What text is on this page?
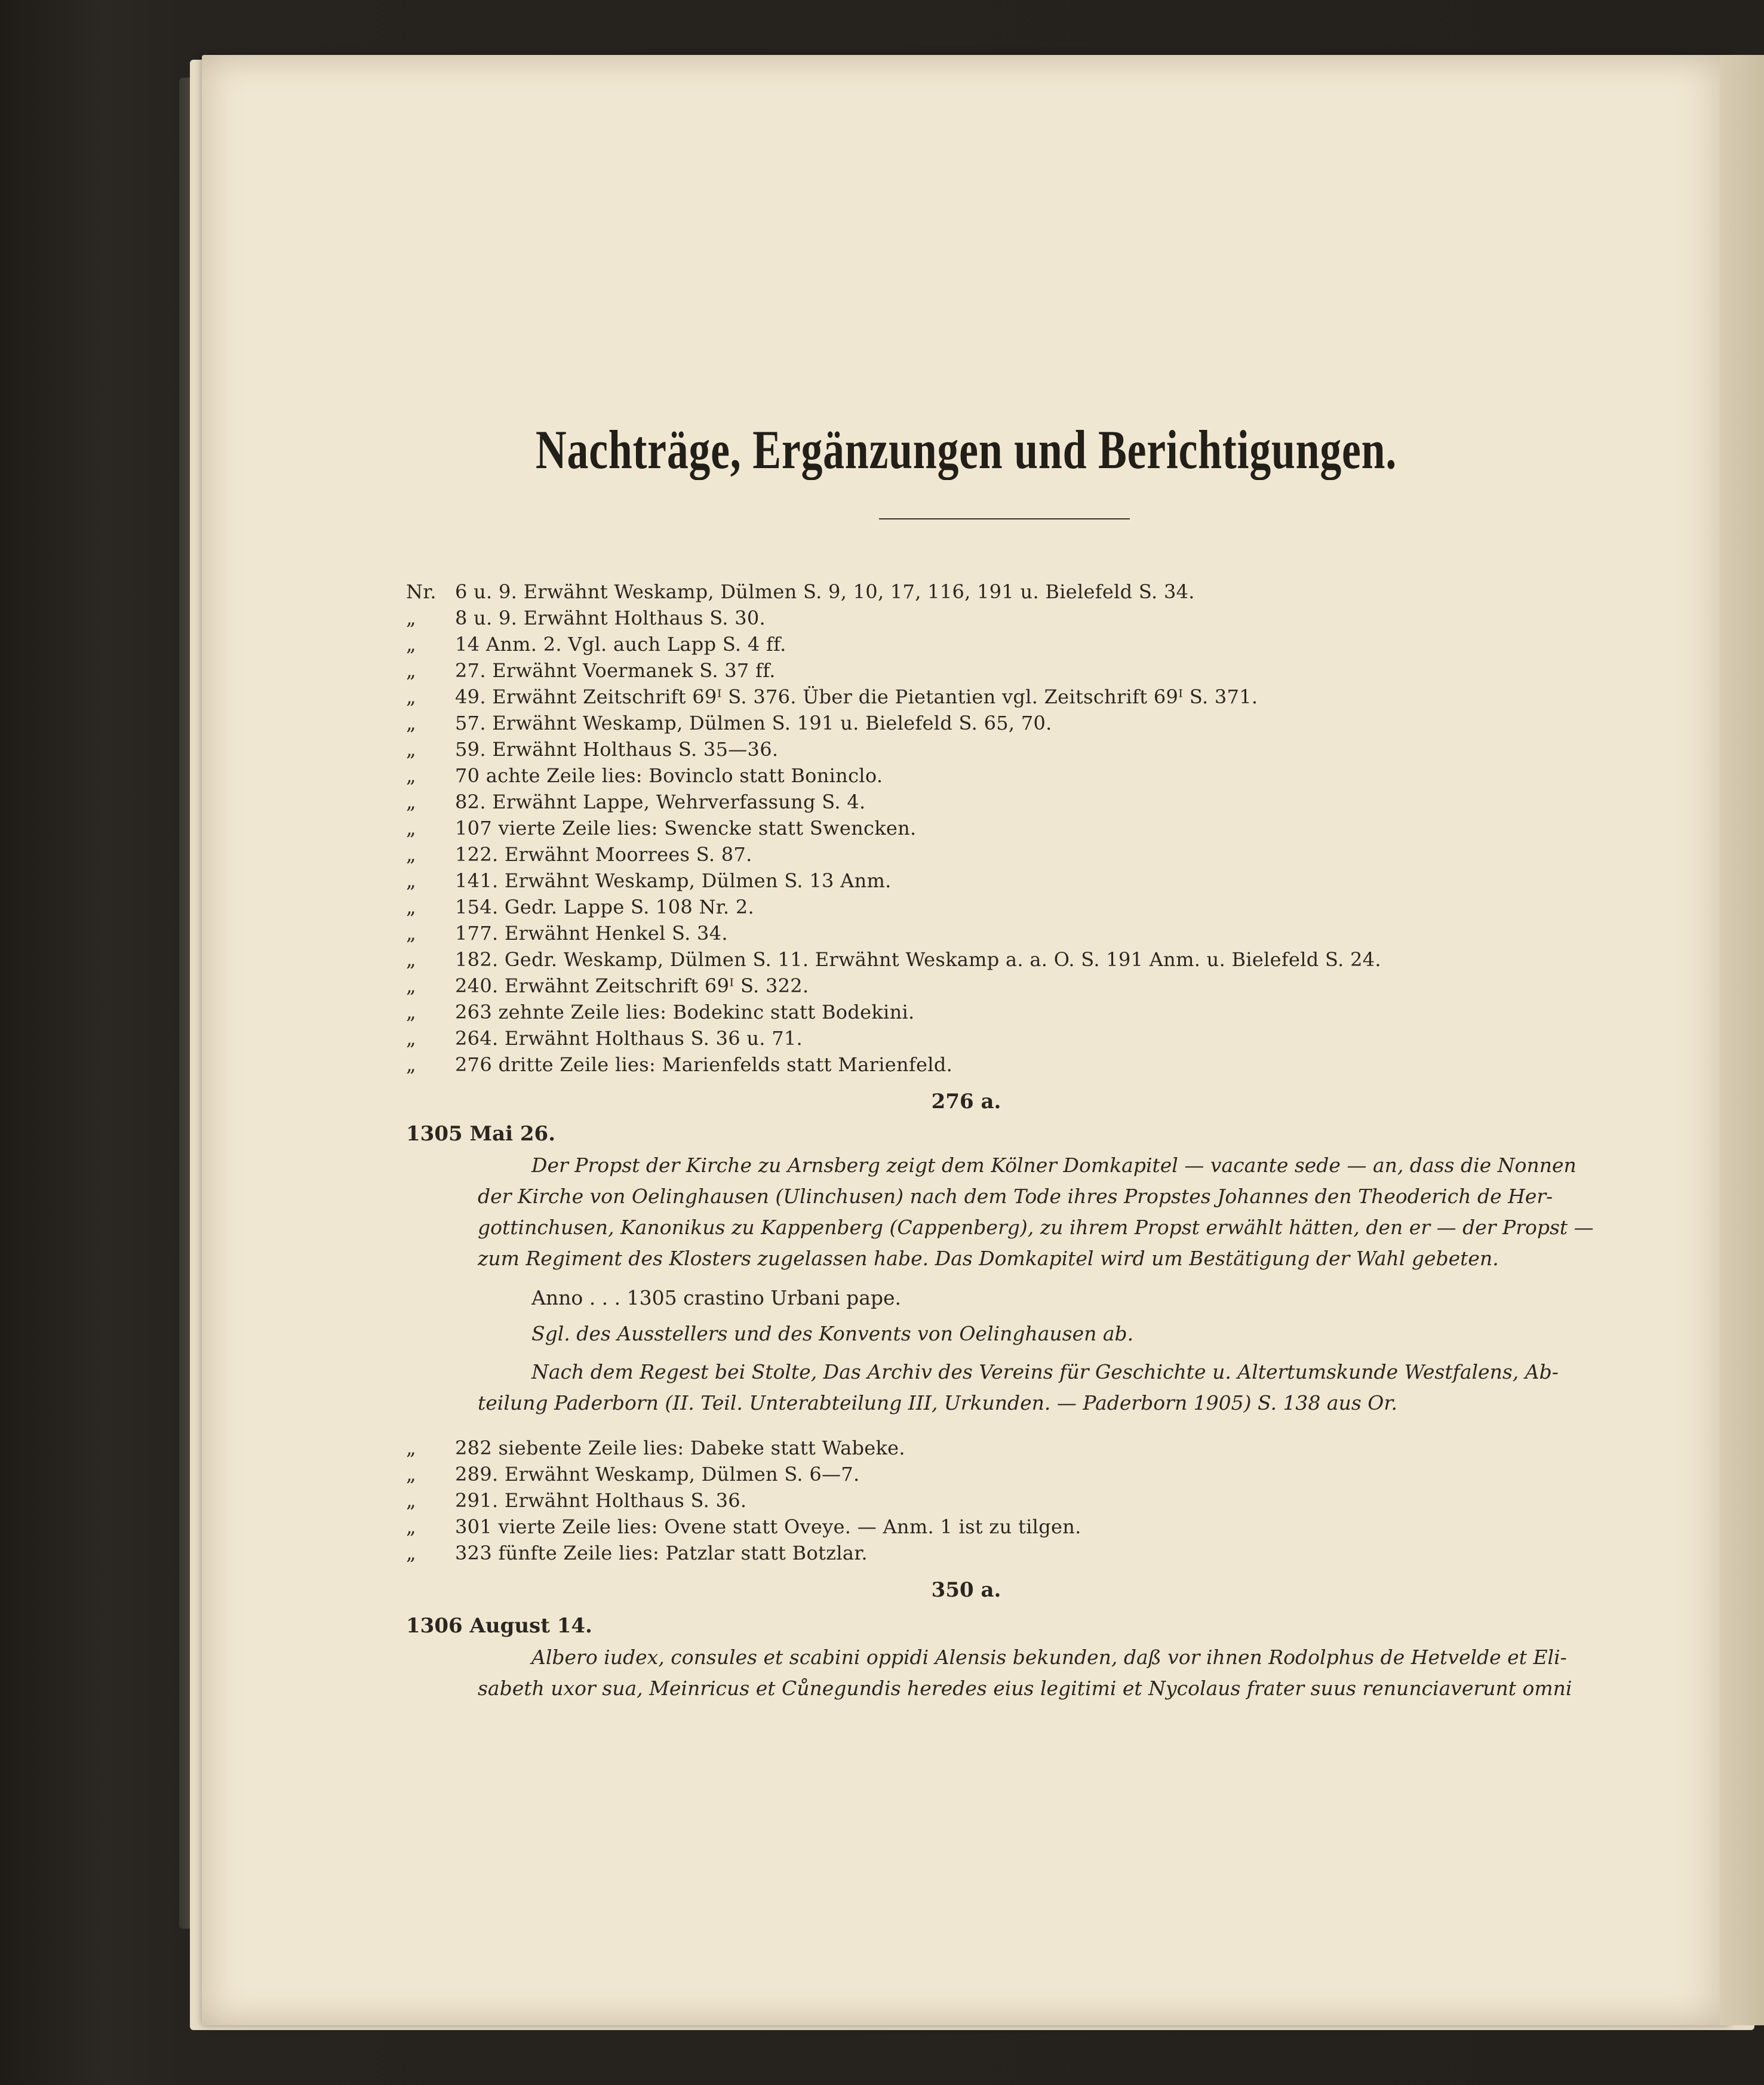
Nachträge, Ergänzungen und Berichtigungen.
Nr. 6 u. 9. Erwähnt Weskamp, Dülmen S. 9, 10, 17, 116, 191 u. Bielefeld S. 34.
„ 8 u. 9. Erwähnt Holthaus S. 30.
„ 14 Anm. 2. Vgl. auch Lapp S. 4 ff.
„ 27. Erwähnt Voermanek S. 37 ff.
„ 49. Erwähnt Zeitschrift 69ᴵ S. 376. Über die Pietantien vgl. Zeitschrift 69ᴵ S. 371.
„ 57. Erwähnt Weskamp, Dülmen S. 191 u. Bielefeld S. 65, 70.
„ 59. Erwähnt Holthaus S. 35—36.
„ 70 achte Zeile lies: Bovinclo statt Boninclo.
„ 82. Erwähnt Lappe, Wehrverfassung S. 4.
„ 107 vierte Zeile lies: Swencke statt Swencken.
„ 122. Erwähnt Moorrees S. 87.
„ 141. Erwähnt Weskamp, Dülmen S. 13 Anm.
„ 154. Gedr. Lappe S. 108 Nr. 2.
„ 177. Erwähnt Henkel S. 34.
„ 182. Gedr. Weskamp, Dülmen S. 11. Erwähnt Weskamp a. a. O. S. 191 Anm. u. Bielefeld S. 24.
„ 240. Erwähnt Zeitschrift 69ᴵ S. 322.
„ 263 zehnte Zeile lies: Bodekinc statt Bodekini.
„ 264. Erwähnt Holthaus S. 36 u. 71.
„ 276 dritte Zeile lies: Marienfelds statt Marienfeld.
276 a.
1305 Mai 26.
Der Propst der Kirche zu Arnsberg zeigt dem Kölner Domkapitel — vacante sede — an, dass die Nonnen
der Kirche von Oelinghausen (Ulinchusen) nach dem Tode ihres Propstes Johannes den Theoderich de Her-
gottinchusen, Kanonikus zu Kappenberg (Cappenberg), zu ihrem Propst erwählt hätten, den er — der Propst —
zum Regiment des Klosters zugelassen habe. Das Domkapitel wird um Bestätigung der Wahl gebeten.
Anno . . . 1305 crastino Urbani pape.
Sgl. des Ausstellers und des Konvents von Oelinghausen ab.
Nach dem Regest bei Stolte, Das Archiv des Vereins für Geschichte u. Altertumskunde Westfalens, Ab-
teilung Paderborn (II. Teil. Unterabteilung III, Urkunden. — Paderborn 1905) S. 138 aus Or.
„ 282 siebente Zeile lies: Dabeke statt Wabeke.
„ 289. Erwähnt Weskamp, Dülmen S. 6—7.
„ 291. Erwähnt Holthaus S. 36.
„ 301 vierte Zeile lies: Ovene statt Oveye. — Anm. 1 ist zu tilgen.
„ 323 fünfte Zeile lies: Patzlar statt Botzlar.
350 a.
1306 August 14.
Albero iudex, consules et scabini oppidi Alensis bekunden, daß vor ihnen Rodolphus de Hetvelde et Eli-
sabeth uxor sua, Meinricus et Cůnegundis heredes eius legitimi et Nycolaus frater suus renunciaverunt omni
